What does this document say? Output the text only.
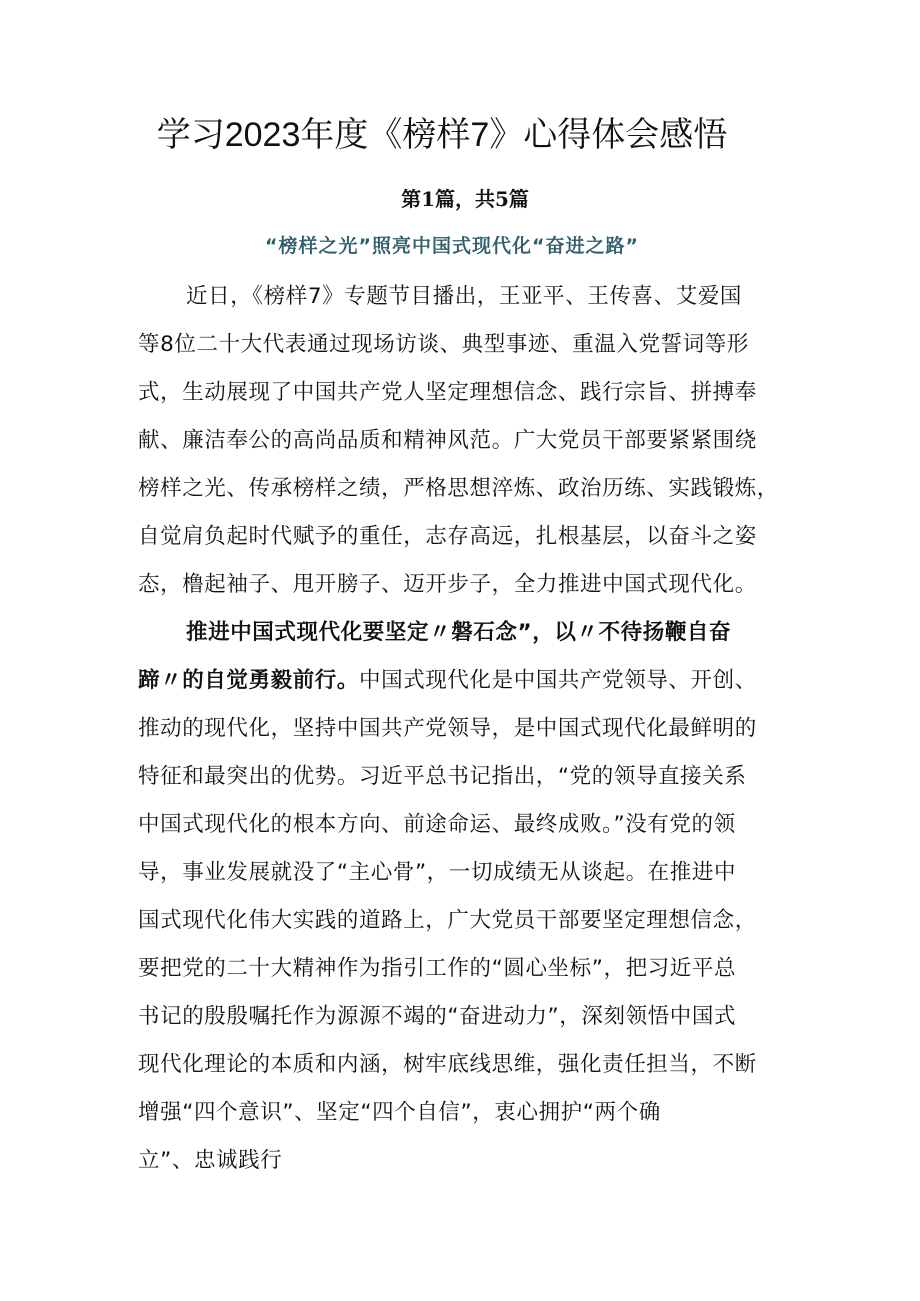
学习2023年度《榜样7》心得体会感悟
第1篇，共5篇
“榜样之光”照亮中国式现代化“奋进之路”
近日，《榜样7》专题节目播出，王亚平、王传喜、艾爱国
等8位二十大代表通过现场访谈、典型事迹、重温入党誓词等形
式，生动展现了中国共产党人坚定理想信念、践行宗旨、拼搏奉
献、廉洁奉公的高尚品质和精神风范。广大党员干部要紧紧围绕
榜样之光、传承榜样之绩，严格思想淬炼、政治历练、实践锻炼，
自觉肩负起时代赋予的重任，志存高远，扎根基层，以奋斗之姿
态，橹起袖子、甩开膀子、迈开步子，全力推进中国式现代化。
推进中国式现代化要坚定〃磐石念”，以〃不待扬鞭自奋
蹄〃的自觉勇毅前行。中国式现代化是中国共产党领导、开创、
推动的现代化，坚持中国共产党领导，是中国式现代化最鲜明的
特征和最突出的优势。习近平总书记指出，“党的领导直接关系
中国式现代化的根本方向、前途命运、最终成败。”没有党的领
导，事业发展就没了“主心骨”，一切成绩无从谈起。在推进中
国式现代化伟大实践的道路上，广大党员干部要坚定理想信念，
要把党的二十大精神作为指引工作的“圆心坐标”，把习近平总
书记的殷殷嘱托作为源源不竭的“奋进动力”，深刻领悟中国式
现代化理论的本质和内涵，树牢底线思维，强化责任担当，不断
增强“四个意识”、坚定“四个自信”，衷心拥护“两个确
立”、忠诚践行
